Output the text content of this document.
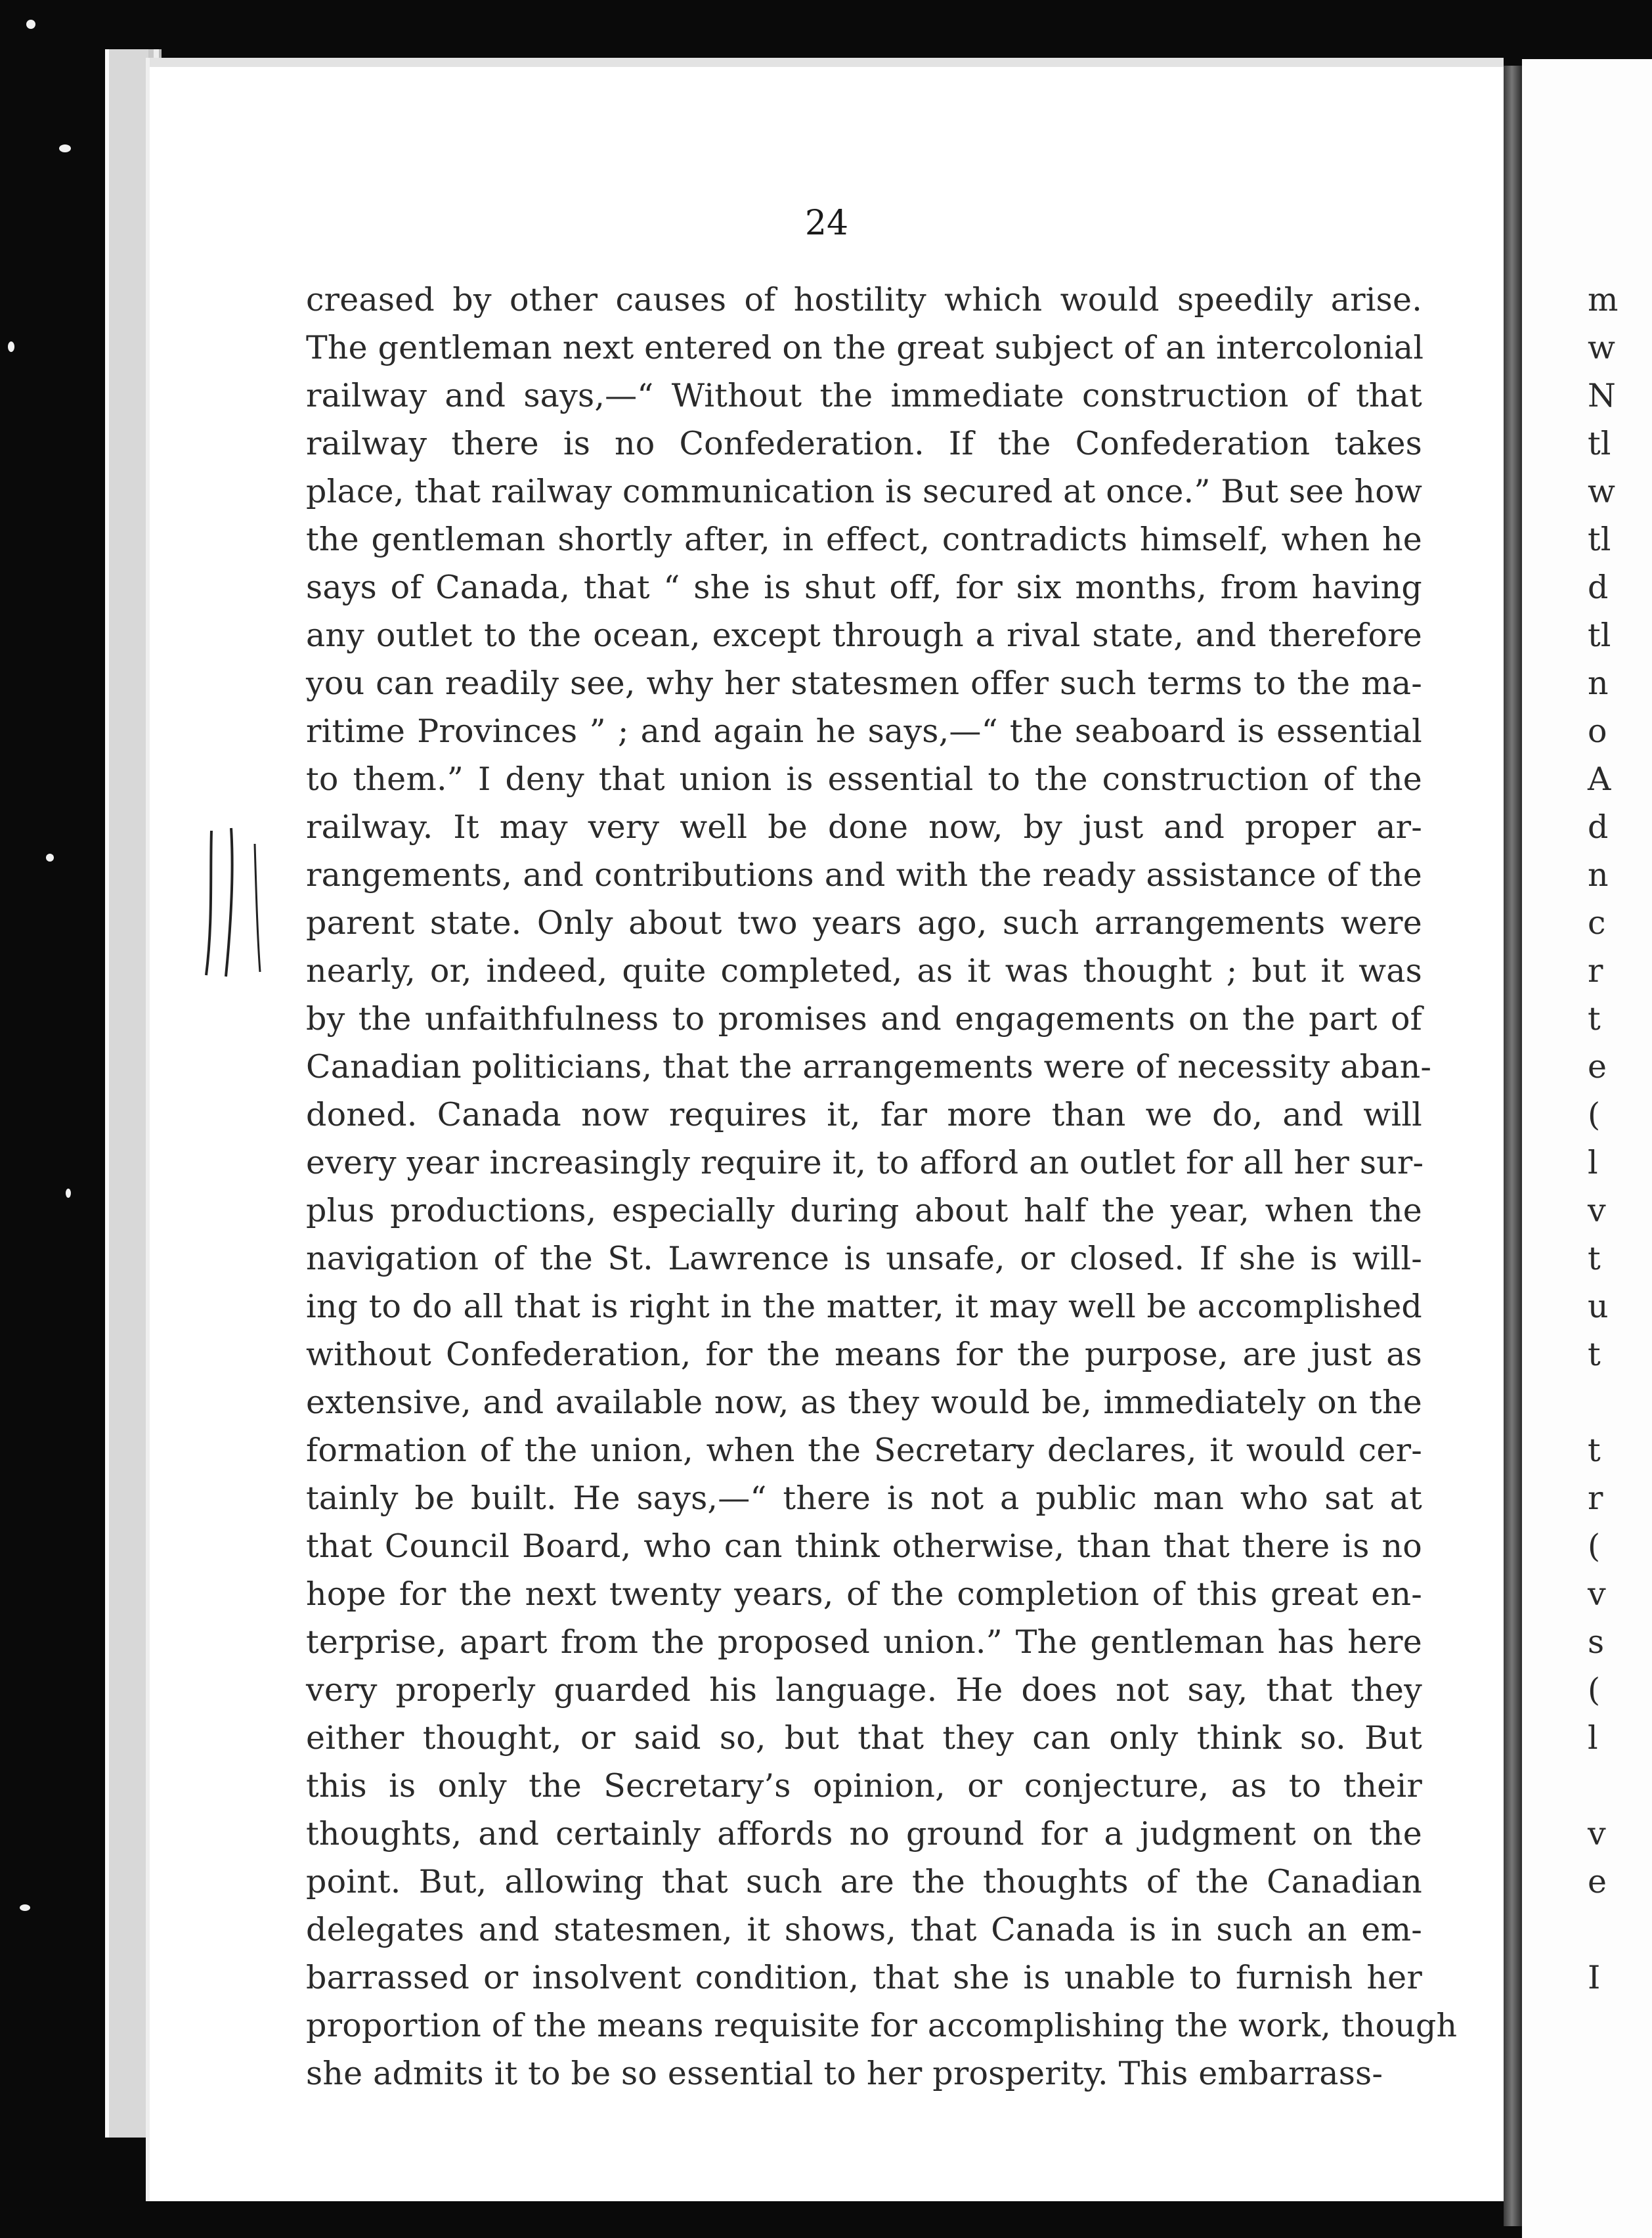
24
creased by other causes of hostility which would speedily arise.
The gentleman next entered on the great subject of an intercolonial
railway and says,—“ Without the immediate construction of that
railway there is no Confederation. If the Confederation takes
place, that railway communication is secured at once.” But see how
the gentleman shortly after, in effect, contradicts himself, when he
says of Canada, that “ she is shut off, for six months, from having
any outlet to the ocean, except through a rival state, and therefore
you can readily see, why her statesmen offer such terms to the ma-
ritime Provinces ” ; and again he says,—“ the seaboard is essential
to them.” I deny that union is essential to the construction of the
railway. It may very well be done now, by just and proper ar-
rangements, and contributions and with the ready assistance of the
parent state. Only about two years ago, such arrangements were
nearly, or, indeed, quite completed, as it was thought ; but it was
by the unfaithfulness to promises and engagements on the part of
Canadian politicians, that the arrangements were of necessity aban-
doned. Canada now requires it, far more than we do, and will
every year increasingly require it, to afford an outlet for all her sur-
plus productions, especially during about half the year, when the
navigation of the St. Lawrence is unsafe, or closed. If she is will-
ing to do all that is right in the matter, it may well be accomplished
without Confederation, for the means for the purpose, are just as
extensive, and available now, as they would be, immediately on the
formation of the union, when the Secretary declares, it would cer-
tainly be built. He says,—“ there is not a public man who sat at
that Council Board, who can think otherwise, than that there is no
hope for the next twenty years, of the completion of this great en-
terprise, apart from the proposed union.” The gentleman has here
very properly guarded his language. He does not say, that they
either thought, or said so, but that they can only think so. But
this is only the Secretary’s opinion, or conjecture, as to their
thoughts, and certainly affords no ground for a judgment on the
point. But, allowing that such are the thoughts of the Canadian
delegates and statesmen, it shows, that Canada is in such an em-
barrassed or insolvent condition, that she is unable to furnish her
proportion of the means requisite for accomplishing the work, though
she admits it to be so essential to her prosperity. This embarrass-
m
w
N
tl
w
tl
d
tl
n
o
A
d
n
c
r
t
e
(
l
v
t
u
t
t
r
(
v
s
(
l
v
e
I
